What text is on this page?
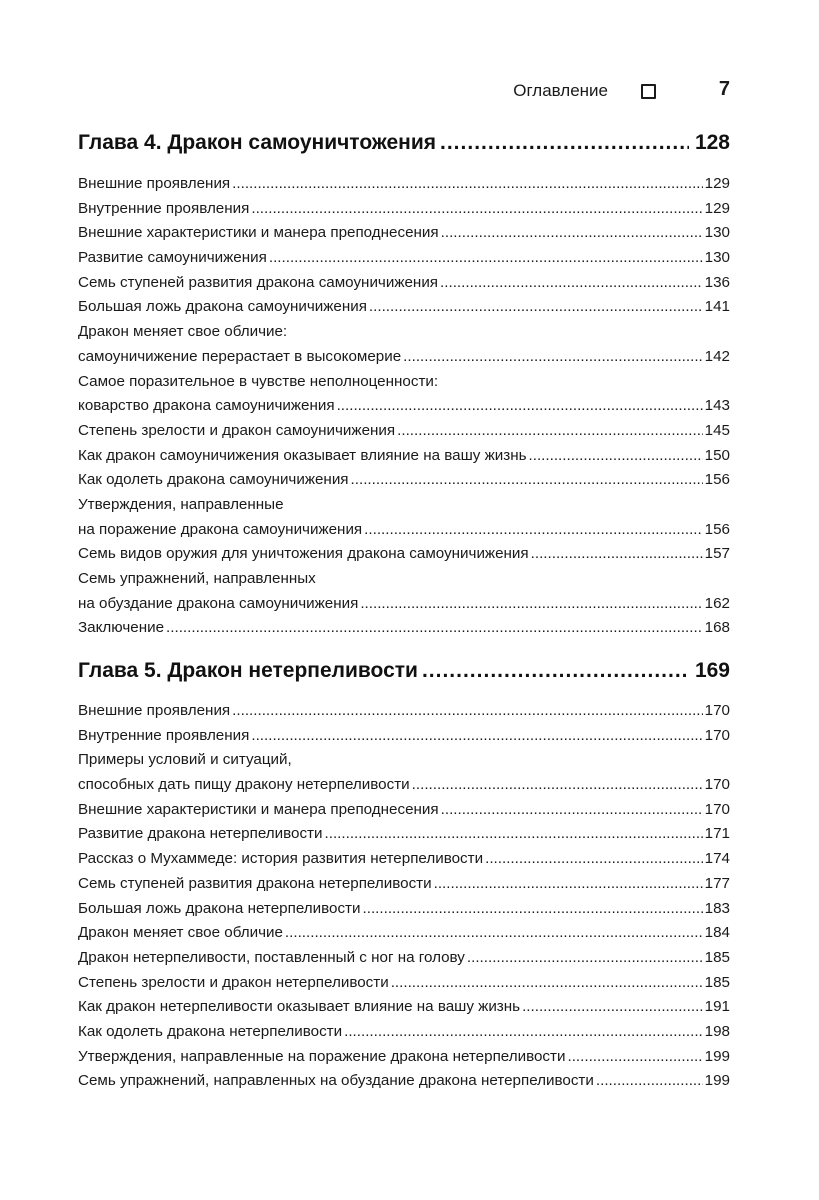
Оглавление	7
Глава 4. Дракон самоуничтожения .....	128
Внешние проявления .....	129
Внутренние проявления .....	129
Внешние характеристики и манера преподнесения .....	130
Развитие самоуничижения .....	130
Семь ступеней развития дракона самоуничижения .....	136
Большая ложь дракона самоуничижения .....	141
Дракон меняет свое обличие:
самоуничижение перерастает в высокомерие .....	142
Самое поразительное в чувстве неполноценности:
коварство дракона самоуничижения .....	143
Степень зрелости и дракон самоуничижения .....	145
Как дракон самоуничижения оказывает влияние на вашу жизнь .....	150
Как одолеть дракона самоуничижения .....	156
Утверждения, направленные
на поражение дракона самоуничижения .....	156
Семь видов оружия для уничтожения дракона самоуничижения .....	157
Семь упражнений, направленных
на обуздание дракона самоуничижения .....	162
Заключение .....	168
Глава 5. Дракон нетерпеливости .....	169
Внешние проявления .....	170
Внутренние проявления .....	170
Примеры условий и ситуаций,
способных дать пищу дракону нетерпеливости .....	170
Внешние характеристики и манера преподнесения .....	170
Развитие дракона нетерпеливости .....	171
Рассказ о Мухаммеде: история развития нетерпеливости .....	174
Семь ступеней развития дракона нетерпеливости .....	177
Большая ложь дракона нетерпеливости .....	183
Дракон меняет свое обличие .....	184
Дракон нетерпеливости, поставленный с ног на голову .....	185
Степень зрелости и дракон нетерпеливости .....	185
Как дракон нетерпеливости оказывает влияние на вашу жизнь .....	191
Как одолеть дракона нетерпеливости .....	198
Утверждения, направленные на поражение дракона нетерпеливости .....	199
Семь упражнений, направленных на обуздание дракона нетерпеливости .....	199
